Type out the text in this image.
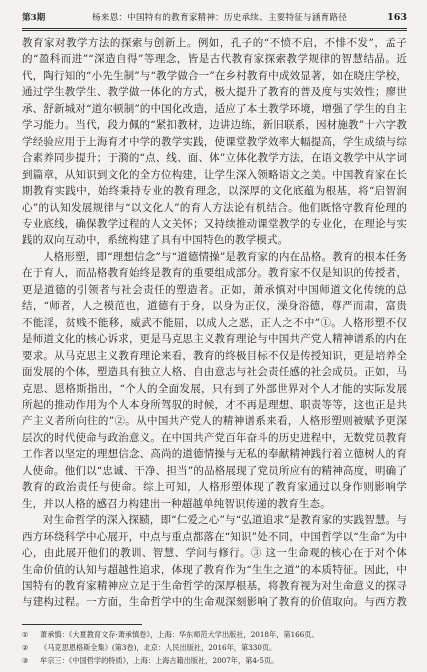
第3期	杨来恩：中国特有的教育家精神：历史承续、主要特征与涵育路径	163

教育家对教学方法的探索与创新上。例如，孔子的“不愤不启，不悱不发”，孟子的“盈科而进”“深造自得”等理念，皆是古代教育家探索教学规律的智慧结晶。近代，陶行知的“小先生制”与“教学做合一”在乡村教育中成效显著，如在晓庄学校，通过学生教学生、教学做一体化的方式，极大提升了教育的普及度与实效性；廖世承、舒新城对“道尔顿制”的中国化改造，适应了本土教学环境，增强了学生的自主学习能力。当代，段力佩的“紧扣教材，边讲边练，新旧联系，因材施教”十六字教学经验应用于上海育才中学的教学实践，使课堂教学效率大幅提高，学生成绩与综合素养同步提升；于漪的“点、线、面、体”立体化教学方法，在语文教学中从字词到篇章，从知识到文化的全方位构建，让学生深入领略语文之美。中国教育家在长期教育实践中，始终秉持专业的教育理念，以深厚的文化底蕴为根基，将“启智润心”的认知发展规律与“以文化人”的育人方法论有机结合。他们既恪守教育伦理的专业底线，确保教学过程的人文关怀；又持续推动课堂教学的专业化，在理论与实践的双向互动中，系统构建了具有中国特色的教学模式。

人格形塑，即“理想信念”与“道德情操”是教育家的内在品格。教育的根本任务在于育人，而品格教育始终是教育的重要组成部分。教育家不仅是知识的传授者，更是道德的引领者与社会责任的塑造者。正如，萧承慎对中国师道文化传统的总结，“师者，人之模范也，道德有于身，以身为正仪，澡身浴德，尊严而肃，富贵不能淫，贫贱不能移，威武不能屈，以成人之恶，正人之不中”①。人格形塑不仅是师道文化的核心诉求，更是马克思主义教育理论与中国共产党人精神谱系的内在要求。从马克思主义教育理论来看，教育的终极目标不仅是传授知识，更是培养全面发展的个体，塑造具有独立人格、自由意志与社会责任感的社会成员。正如，马克思、恩格斯指出，“个人的全面发展，只有到了外部世界对个人才能的实际发展所起的推动作用为个人本身所驾驭的时候，才不再是理想、职责等等，这也正是共产主义者所向往的”②。从中国共产党人的精神谱系来看，人格形塑则被赋予更深层次的时代使命与政治意义。在中国共产党百年奋斗的历史进程中，无数党员教育工作者以坚定的理想信念、高尚的道德情操与无私的奉献精神践行着立德树人的育人使命。他们以“忠诚、干净、担当”的品格展现了党员所应有的精神高度，明确了教育的政治责任与使命。综上可知，人格形塑体现了教育家通过以身作则影响学生，并以人格的感召力构建出一种超越单纯智识传递的教育生态。

对生命哲学的深入探赜，即“仁爱之心”与“弘道追求”是教育家的实践智慧。与西方环绕科学中心展开，中点与重点都落在“知识”处不同，中国哲学以“生命”为中心，由此展开他们的教训、智慧、学问与修行。③ 这一生命观的核心在于对个体生命价值的认知与超越性追求，体现了教育作为“生生之道”的本质特征。因此，中国特有的教育家精神应立足于生命哲学的深厚根基，将教育视为对生命意义的探寻与建构过程。一方面，生命哲学中的生命观深刻影响了教育的价值取向。与西方教

① 萧承慎：《大夏教育文存·萧承慎卷》，上海：华东师范大学出版社，2018年，第166页。
② 《马克思恩格斯全集》(第3卷)，北京：人民出版社，2016年，第330页。
③ 牟宗三：《中国哲学的特质》，上海：上海古籍出版社，2007年，第4-5页。
